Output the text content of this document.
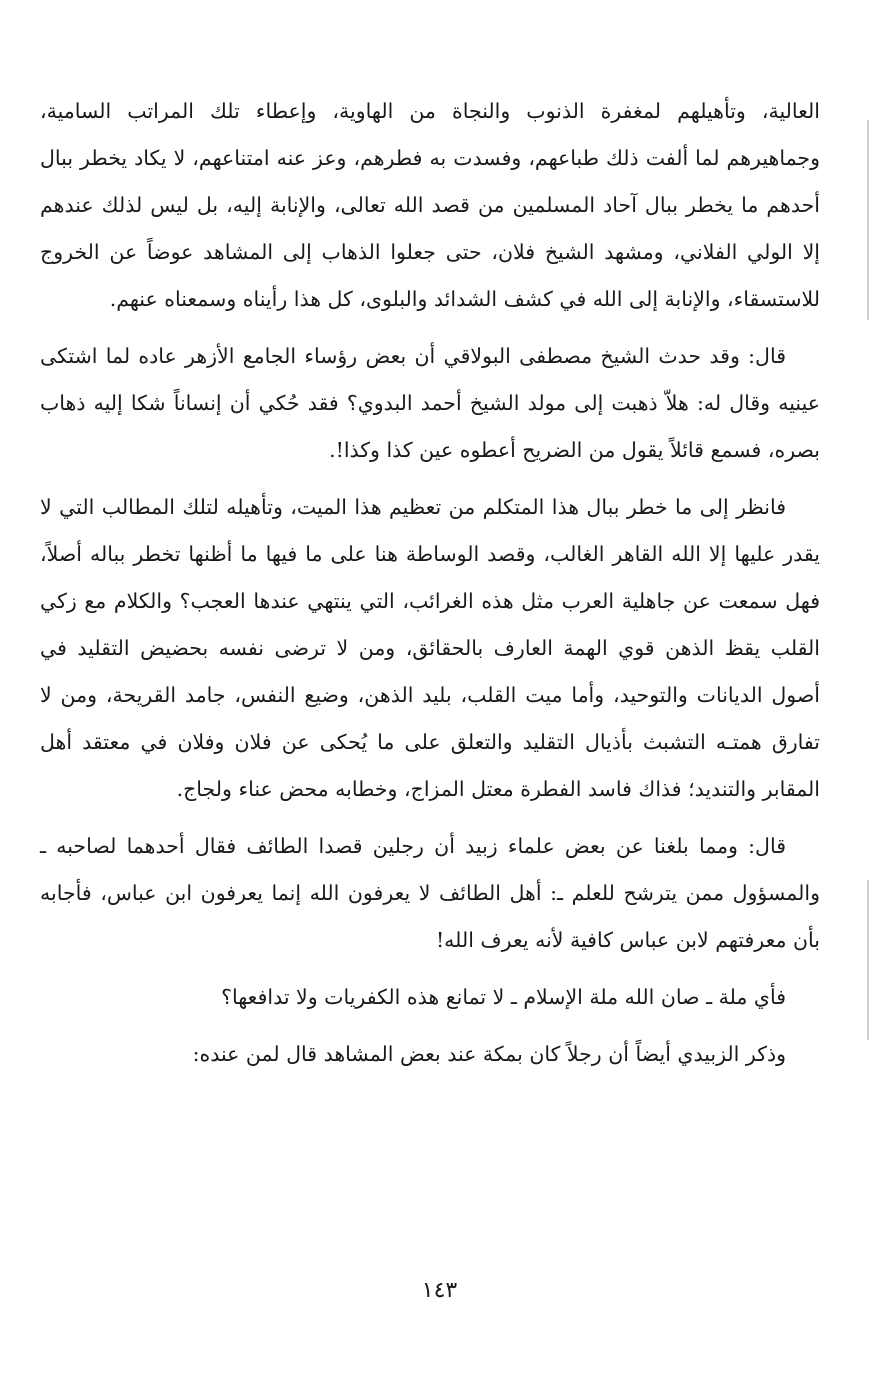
العالية، وتأهيلهم لمغفرة الذنوب والنجاة من الهاوية، وإعطاء تلك المراتب السامية، وجماهيرهم لما ألفت ذلك طباعهم، وفسدت به فطرهم، وعز عنه امتناعهم، لا يكاد يخطر ببال أحدهم ما يخطر ببال آحاد المسلمين من قصد الله تعالى، والإنابة إليه، بل ليس لذلك عندهم إلا الولي الفلاني، ومشهد الشيخ فلان، حتى جعلوا الذهاب إلى المشاهد عوضاً عن الخروج للاستسقاء، والإنابة إلى الله في كشف الشدائد والبلوى، كل هذا رأيناه وسمعناه عنهم.

قال: وقد حدث الشيخ مصطفى البولاقي أن بعض رؤساء الجامع الأزهر عاده لما اشتكى عينيه وقال له: هلاّ ذهبت إلى مولد الشيخ أحمد البدوي؟ فقد حُكي أن إنساناً شكا إليه ذهاب بصره، فسمع قائلاً يقول من الضريح أعطوه عين كذا وكذا!.

فانظر إلى ما خطر ببال هذا المتكلم من تعظيم هذا الميت، وتأهيله لتلك المطالب التي لا يقدر عليها إلا الله القاهر الغالب، وقصد الوساطة هنا على ما فيها ما أظنها تخطر بباله أصلاً، فهل سمعت عن جاهلية العرب مثل هذه الغرائب، التي ينتهي عندها العجب؟ والكلام مع زكي القلب يقظ الذهن قوي الهمة العارف بالحقائق، ومن لا ترضى نفسه بحضيض التقليد في أصول الديانات والتوحيد، وأما ميت القلب، بليد الذهن، وضيع النفس، جامد القريحة، ومن لا تفارق همتـه التشبث بأذيال التقليد والتعلق على ما يُحكى عن فلان وفلان في معتقد أهل المقابر والتنديد؛ فذاك فاسد الفطرة معتل المزاج، وخطابه محض عناء ولجاج.

قال: ومما بلغنا عن بعض علماء زبيد أن رجلين قصدا الطائف فقال أحدهما لصاحبه ـ والمسؤول ممن يترشح للعلم ـ: أهل الطائف لا يعرفون الله إنما يعرفون ابن عباس، فأجابه بأن معرفتهم لابن عباس كافية لأنه يعرف الله!

فأي ملة ـ صان الله ملة الإسلام ـ لا تمانع هذه الكفريات ولا تدافعها؟

وذكر الزبيدي أيضاً أن رجلاً كان بمكة عند بعض المشاهد قال لمن عنده:

١٤٣
